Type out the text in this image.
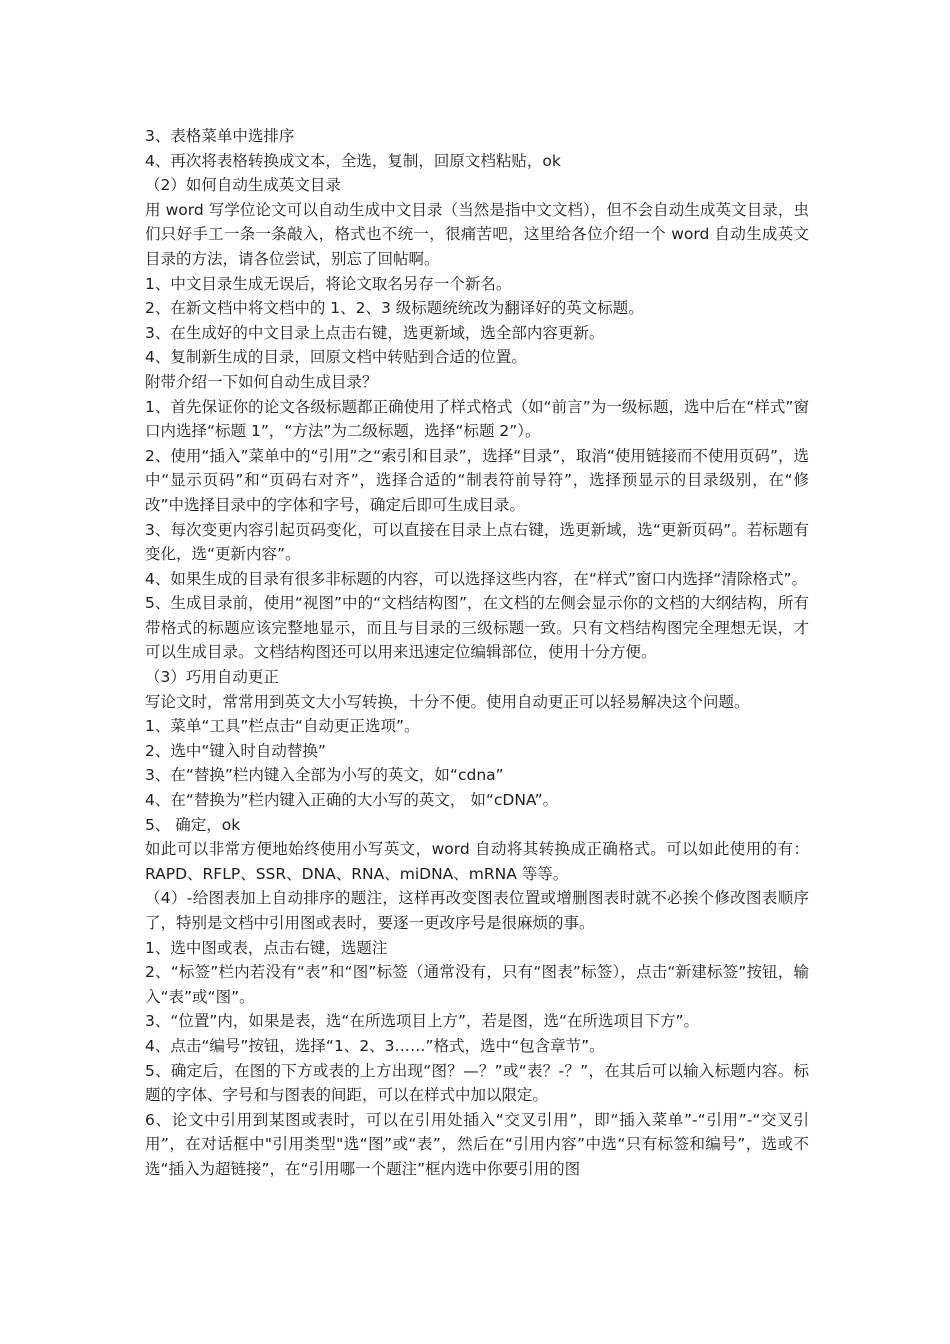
3、表格菜单中选排序

4、再次将表格转换成文本，全选，复制，回原文档粘贴，ok

（2）如何自动生成英文目录

用 word 写学位论文可以自动生成中文目录（当然是指中文文档），但不会自动生成英文目录，虫们只好手工一条一条敲入，格式也不统一，很痛苦吧，这里给各位介绍一个 word 自动生成英文目录的方法，请各位尝试，别忘了回帖啊。

1、中文目录生成无误后，将论文取名另存一个新名。

2、在新文档中将文档中的 1、2、3 级标题统统改为翻译好的英文标题。

3、在生成好的中文目录上点击右键，选更新域，选全部内容更新。

4、复制新生成的目录，回原文档中转贴到合适的位置。

附带介绍一下如何自动生成目录？

1、首先保证你的论文各级标题都正确使用了样式格式（如“前言”为一级标题，选中后在“样式”窗口内选择“标题 1”，“方法”为二级标题，选择“标题 2”）。

2、使用“插入”菜单中的“引用”之“索引和目录”，选择“目录”，取消“使用链接而不使用页码”，选中“显示页码”和“页码右对齐”，选择合适的“制表符前导符”，选择预显示的目录级别，在“修改”中选择目录中的字体和字号，确定后即可生成目录。

3、每次变更内容引起页码变化，可以直接在目录上点右键，选更新域，选“更新页码”。若标题有变化，选“更新内容”。

4、如果生成的目录有很多非标题的内容，可以选择这些内容，在“样式”窗口内选择“清除格式”。

5、生成目录前，使用“视图”中的“文档结构图”，在文档的左侧会显示你的文档的大纲结构，所有带格式的标题应该完整地显示，而且与目录的三级标题一致。只有文档结构图完全理想无误，才可以生成目录。文档结构图还可以用来迅速定位编辑部位，使用十分方便。

（3）巧用自动更正

写论文时，常常用到英文大小写转换，十分不便。使用自动更正可以轻易解决这个问题。

1、菜单“工具”栏点击“自动更正选项”。

2、选中“键入时自动替换”

3、在“替换”栏内键入全部为小写的英文，如“cdna”

4、在“替换为”栏内键入正确的大小写的英文， 如“cDNA”。

5、 确定，ok

如此可以非常方便地始终使用小写英文，word 自动将其转换成正确格式。可以如此使用的有：RAPD、RFLP、SSR、DNA、RNA、miDNA、mRNA 等等。

（4）-给图表加上自动排序的题注，这样再改变图表位置或增删图表时就不必挨个修改图表顺序了，特别是文档中引用图或表时，要逐一更改序号是很麻烦的事。

1、选中图或表，点击右键，选题注

2、“标签”栏内若没有“表”和“图”标签（通常没有，只有“图表”标签），点击“新建标签”按钮，输入“表”或“图”。

3、“位置”内，如果是表，选“在所选项目上方”，若是图，选“在所选项目下方”。

4、点击“编号”按钮，选择“1、2、3……”格式，选中“包含章节”。

5、确定后，在图的下方或表的上方出现“图？—？”或“表？-？”，在其后可以输入标题内容。标题的字体、字号和与图表的间距，可以在样式中加以限定。

6、论文中引用到某图或表时，可以在引用处插入“交叉引用”，即“插入菜单”-“引用”-“交叉引用”，在对话框中"引用类型"选“图”或“表”，然后在“引用内容”中选“只有标签和编号”，选或不选“插入为超链接”，在“引用哪一个题注”框内选中你要引用的图
